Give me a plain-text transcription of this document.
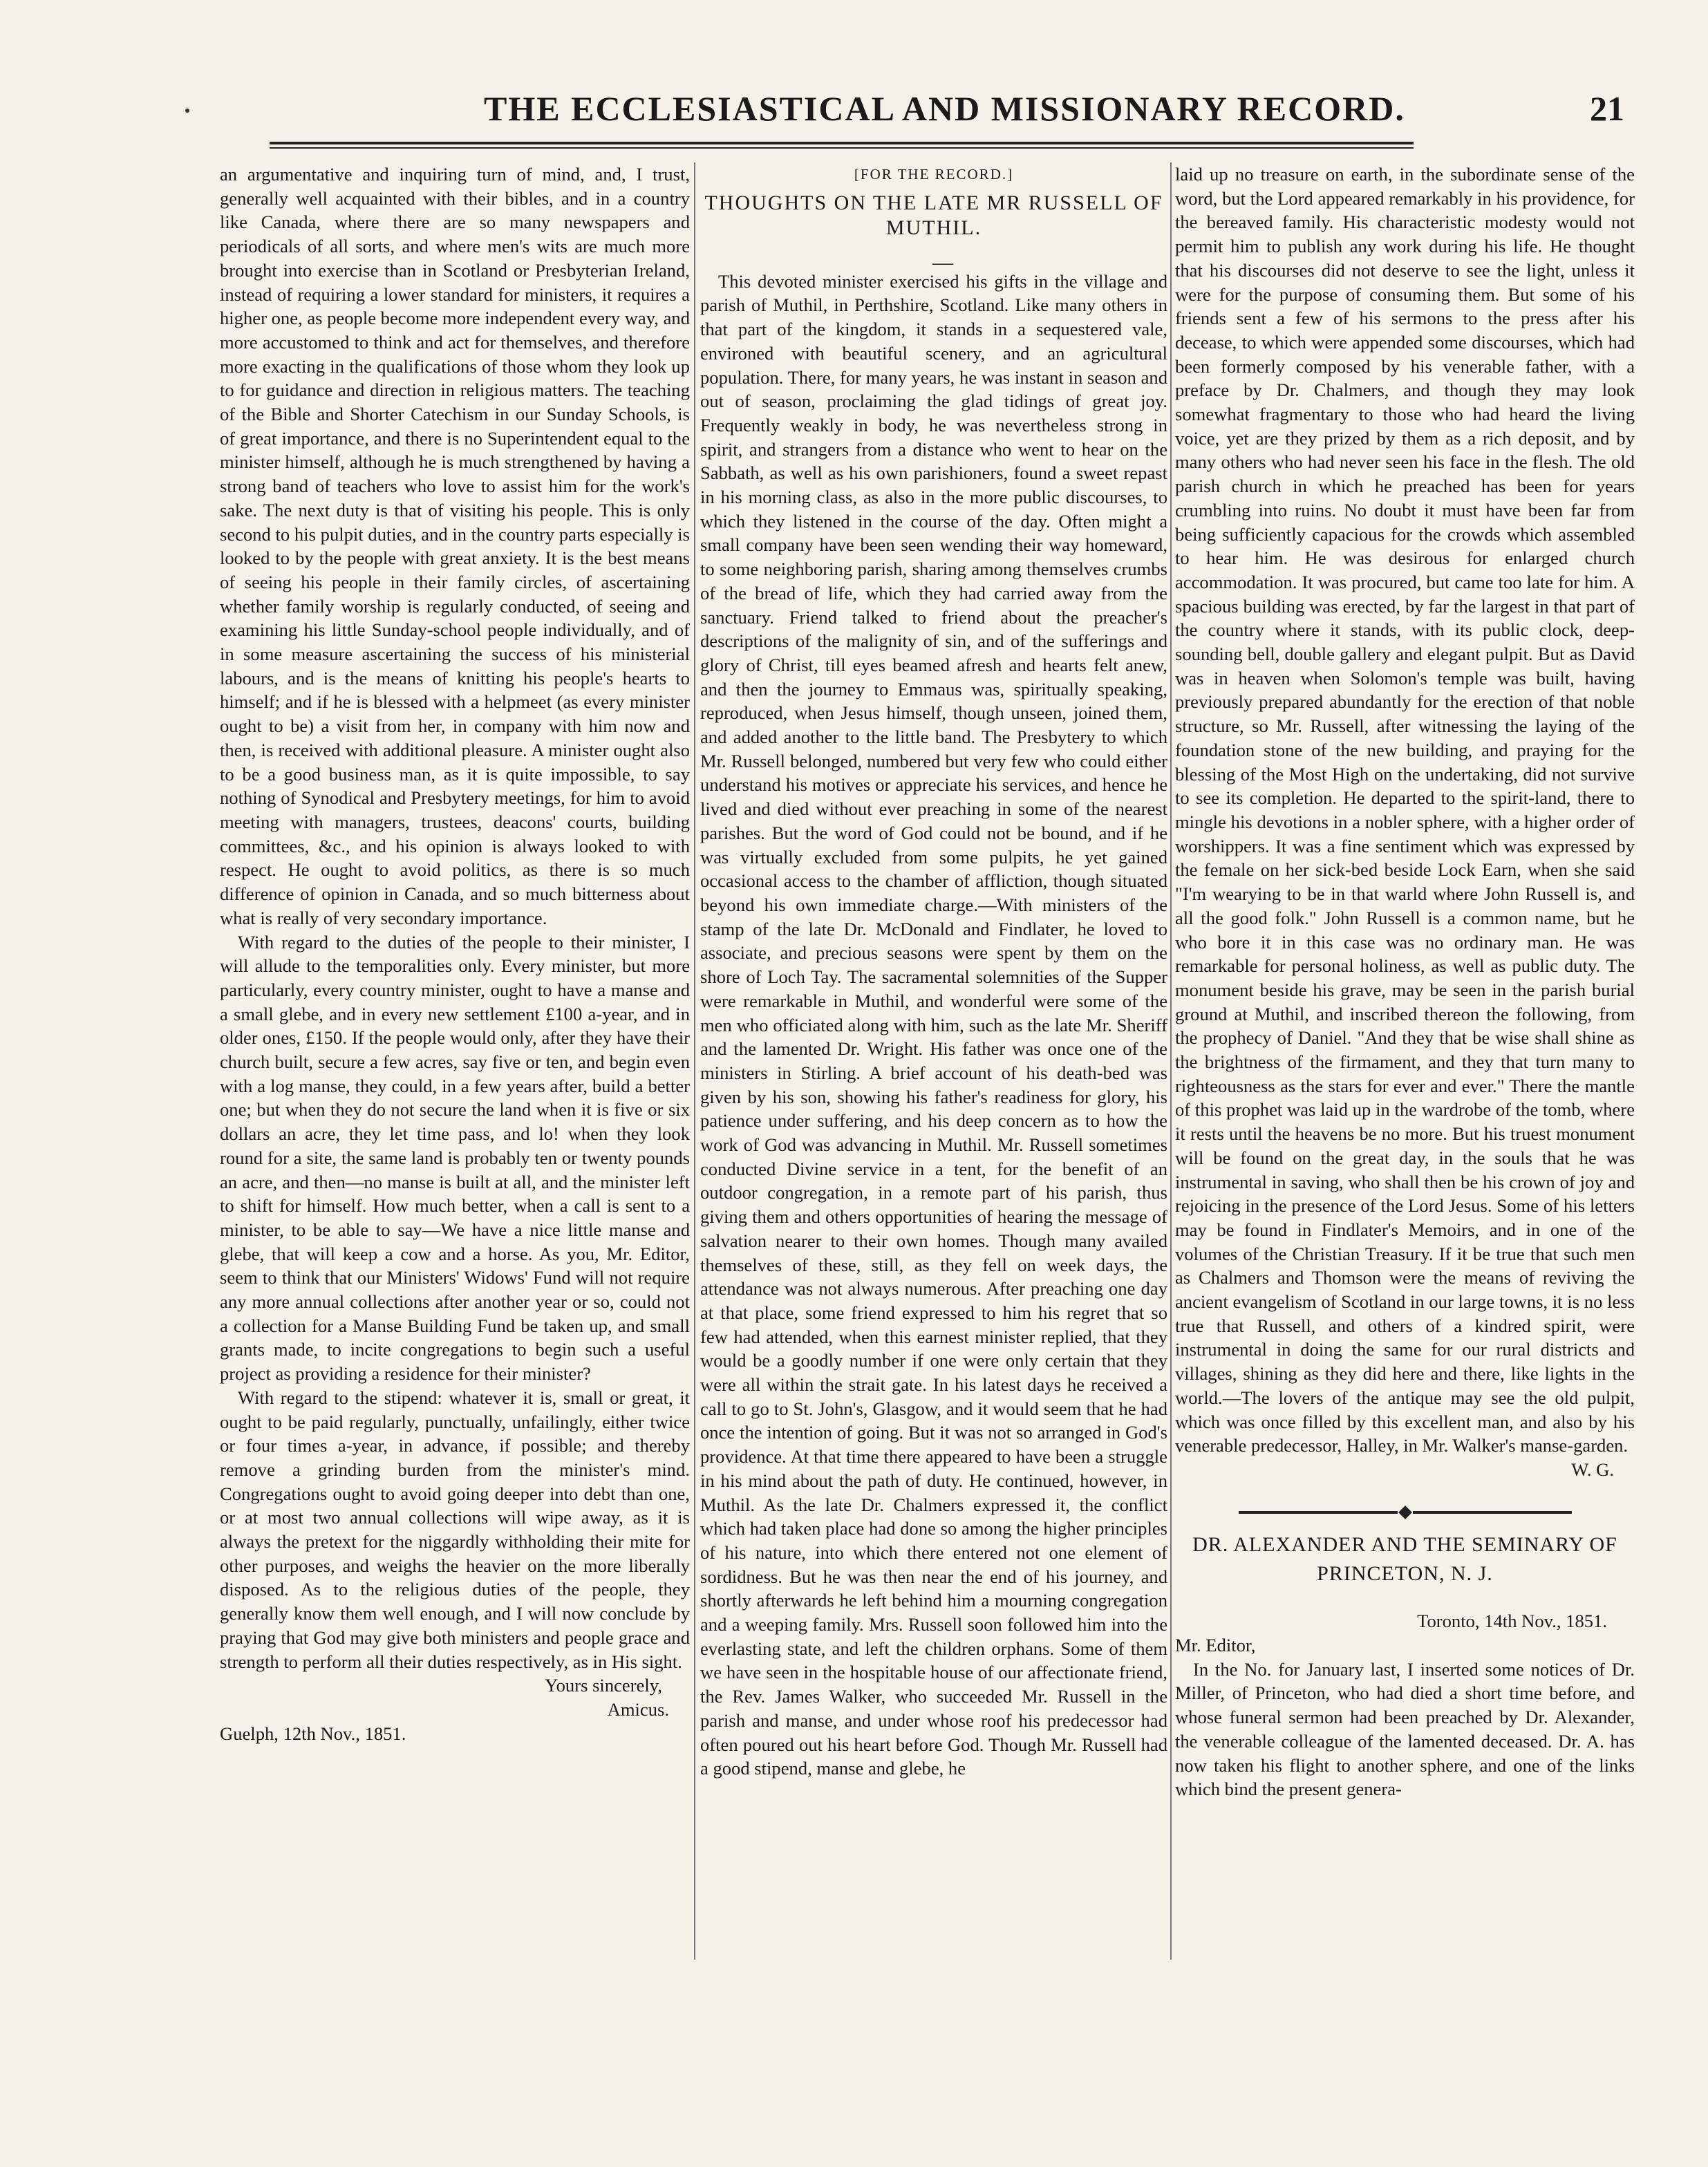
THE ECCLESIASTICAL AND MISSIONARY RECORD.	21

an argumentative and inquiring turn of mind, and, I trust, generally well acquainted with their bibles, and in a country like Canada, where there are so many newspapers and periodicals of all sorts, and where men's wits are much more brought into exercise than in Scotland or Presbyterian Ireland, instead of requiring a lower standard for ministers, it requires a higher one, as people become more independent every way, and more accustomed to think and act for themselves, and therefore more exacting in the qualifications of those whom they look up to for guidance and direction in religious matters. The teaching of the Bible and Shorter Catechism in our Sunday Schools, is of great importance, and there is no Superintendent equal to the minister himself, although he is much strengthened by having a strong band of teachers who love to assist him for the work's sake. The next duty is that of visiting his people. This is only second to his pulpit duties, and in the country parts especially is looked to by the people with great anxiety. It is the best means of seeing his people in their family circles, of ascertaining whether family worship is regularly conducted, of seeing and examining his little Sunday-school people individually, and of in some measure ascertaining the success of his ministerial labours, and is the means of knitting his people's hearts to himself; and if he is blessed with a helpmeet (as every minister ought to be) a visit from her, in company with him now and then, is received with additional pleasure. A minister ought also to be a good business man, as it is quite impossible, to say nothing of Synodical and Presbytery meetings, for him to avoid meeting with managers, trustees, deacons' courts, building committees, &c., and his opinion is always looked to with respect. He ought to avoid politics, as there is so much difference of opinion in Canada, and so much bitterness about what is really of very secondary importance.

With regard to the duties of the people to their minister, I will allude to the temporalities only. Every minister, but more particularly, every country minister, ought to have a manse and a small glebe, and in every new settlement £100 a-year, and in older ones, £150. If the people would only, after they have their church built, secure a few acres, say five or ten, and begin even with a log manse, they could, in a few years after, build a better one; but when they do not secure the land when it is five or six dollars an acre, they let time pass, and lo! when they look round for a site, the same land is probably ten or twenty pounds an acre, and then—no manse is built at all, and the minister left to shift for himself. How much better, when a call is sent to a minister, to be able to say—We have a nice little manse and glebe, that will keep a cow and a horse. As you, Mr. Editor, seem to think that our Ministers' Widows' Fund will not require any more annual collections after another year or so, could not a collection for a Manse Building Fund be taken up, and small grants made, to incite congregations to begin such a useful project as providing a residence for their minister?

With regard to the stipend: whatever it is, small or great, it ought to be paid regularly, punctually, unfailingly, either twice or four times a-year, in advance, if possible; and thereby remove a grinding burden from the minister's mind. Congregations ought to avoid going deeper into debt than one, or at most two annual collections will wipe away, as it is always the pretext for the niggardly withholding their mite for other purposes, and weighs the heavier on the more liberally disposed. As to the religious duties of the people, they generally know them well enough, and I will now conclude by praying that God may give both ministers and people grace and strength to perform all their duties respectively, as in His sight.

Yours sincerely,

Amicus.

Guelph, 12th Nov., 1851.

[FOR THE RECORD.]

THOUGHTS ON THE LATE MR RUSSELL OF MUTHIL.

—

This devoted minister exercised his gifts in the village and parish of Muthil, in Perthshire, Scotland. Like many others in that part of the kingdom, it stands in a sequestered vale, environed with beautiful scenery, and an agricultural population. There, for many years, he was instant in season and out of season, proclaiming the glad tidings of great joy. Frequently weakly in body, he was nevertheless strong in spirit, and strangers from a distance who went to hear on the Sabbath, as well as his own parishioners, found a sweet repast in his morning class, as also in the more public discourses, to which they listened in the course of the day. Often might a small company have been seen wending their way homeward, to some neighboring parish, sharing among themselves crumbs of the bread of life, which they had carried away from the sanctuary. Friend talked to friend about the preacher's descriptions of the malignity of sin, and of the sufferings and glory of Christ, till eyes beamed afresh and hearts felt anew, and then the journey to Emmaus was, spiritually speaking, reproduced, when Jesus himself, though unseen, joined them, and added another to the little band. The Presbytery to which Mr. Russell belonged, numbered but very few who could either understand his motives or appreciate his services, and hence he lived and died without ever preaching in some of the nearest parishes. But the word of God could not be bound, and if he was virtually excluded from some pulpits, he yet gained occasional access to the chamber of affliction, though situated beyond his own immediate charge.—With ministers of the stamp of the late Dr. McDonald and Findlater, he loved to associate, and precious seasons were spent by them on the shore of Loch Tay. The sacramental solemnities of the Supper were remarkable in Muthil, and wonderful were some of the men who officiated along with him, such as the late Mr. Sheriff and the lamented Dr. Wright. His father was once one of the ministers in Stirling. A brief account of his death-bed was given by his son, showing his father's readiness for glory, his patience under suffering, and his deep concern as to how the work of God was advancing in Muthil. Mr. Russell sometimes conducted Divine service in a tent, for the benefit of an outdoor congregation, in a remote part of his parish, thus giving them and others opportunities of hearing the message of salvation nearer to their own homes. Though many availed themselves of these, still, as they fell on week days, the attendance was not always numerous. After preaching one day at that place, some friend expressed to him his regret that so few had attended, when this earnest minister replied, that they would be a goodly number if one were only certain that they were all within the strait gate. In his latest days he received a call to go to St. John's, Glasgow, and it would seem that he had once the intention of going. But it was not so arranged in God's providence. At that time there appeared to have been a struggle in his mind about the path of duty. He continued, however, in Muthil. As the late Dr. Chalmers expressed it, the conflict which had taken place had done so among the higher principles of his nature, into which there entered not one element of sordidness. But he was then near the end of his journey, and shortly afterwards he left behind him a mourning congregation and a weeping family. Mrs. Russell soon followed him into the everlasting state, and left the children orphans. Some of them we have seen in the hospitable house of our affectionate friend, the Rev. James Walker, who succeeded Mr. Russell in the parish and manse, and under whose roof his predecessor had often poured out his heart before God. Though Mr. Russell had a good stipend, manse and glebe, he

laid up no treasure on earth, in the subordinate sense of the word, but the Lord appeared remarkably in his providence, for the bereaved family. His characteristic modesty would not permit him to publish any work during his life. He thought that his discourses did not deserve to see the light, unless it were for the purpose of consuming them. But some of his friends sent a few of his sermons to the press after his decease, to which were appended some discourses, which had been formerly composed by his venerable father, with a preface by Dr. Chalmers, and though they may look somewhat fragmentary to those who had heard the living voice, yet are they prized by them as a rich deposit, and by many others who had never seen his face in the flesh. The old parish church in which he preached has been for years crumbling into ruins. No doubt it must have been far from being sufficiently capacious for the crowds which assembled to hear him. He was desirous for enlarged church accommodation. It was procured, but came too late for him. A spacious building was erected, by far the largest in that part of the country where it stands, with its public clock, deep-sounding bell, double gallery and elegant pulpit. But as David was in heaven when Solomon's temple was built, having previously prepared abundantly for the erection of that noble structure, so Mr. Russell, after witnessing the laying of the foundation stone of the new building, and praying for the blessing of the Most High on the undertaking, did not survive to see its completion. He departed to the spirit-land, there to mingle his devotions in a nobler sphere, with a higher order of worshippers. It was a fine sentiment which was expressed by the female on her sick-bed beside Lock Earn, when she said "I'm wearying to be in that warld where John Russell is, and all the good folk." John Russell is a common name, but he who bore it in this case was no ordinary man. He was remarkable for personal holiness, as well as public duty. The monument beside his grave, may be seen in the parish burial ground at Muthil, and inscribed thereon the following, from the prophecy of Daniel. "And they that be wise shall shine as the brightness of the firmament, and they that turn many to righteousness as the stars for ever and ever." There the mantle of this prophet was laid up in the wardrobe of the tomb, where it rests until the heavens be no more. But his truest monument will be found on the great day, in the souls that he was instrumental in saving, who shall then be his crown of joy and rejoicing in the presence of the Lord Jesus. Some of his letters may be found in Findlater's Memoirs, and in one of the volumes of the Christian Treasury. If it be true that such men as Chalmers and Thomson were the means of reviving the ancient evangelism of Scotland in our large towns, it is no less true that Russell, and others of a kindred spirit, were instrumental in doing the same for our rural districts and villages, shining as they did here and there, like lights in the world.—The lovers of the antique may see the old pulpit, which was once filled by this excellent man, and also by his venerable predecessor, Halley, in Mr. Walker's manse-garden.

W. G.

DR. ALEXANDER AND THE SEMINARY OF PRINCETON, N. J.

Toronto, 14th Nov., 1851.

Mr. Editor,

In the No. for January last, I inserted some notices of Dr. Miller, of Princeton, who had died a short time before, and whose funeral sermon had been preached by Dr. Alexander, the venerable colleague of the lamented deceased. Dr. A. has now taken his flight to another sphere, and one of the links which bind the present genera-
